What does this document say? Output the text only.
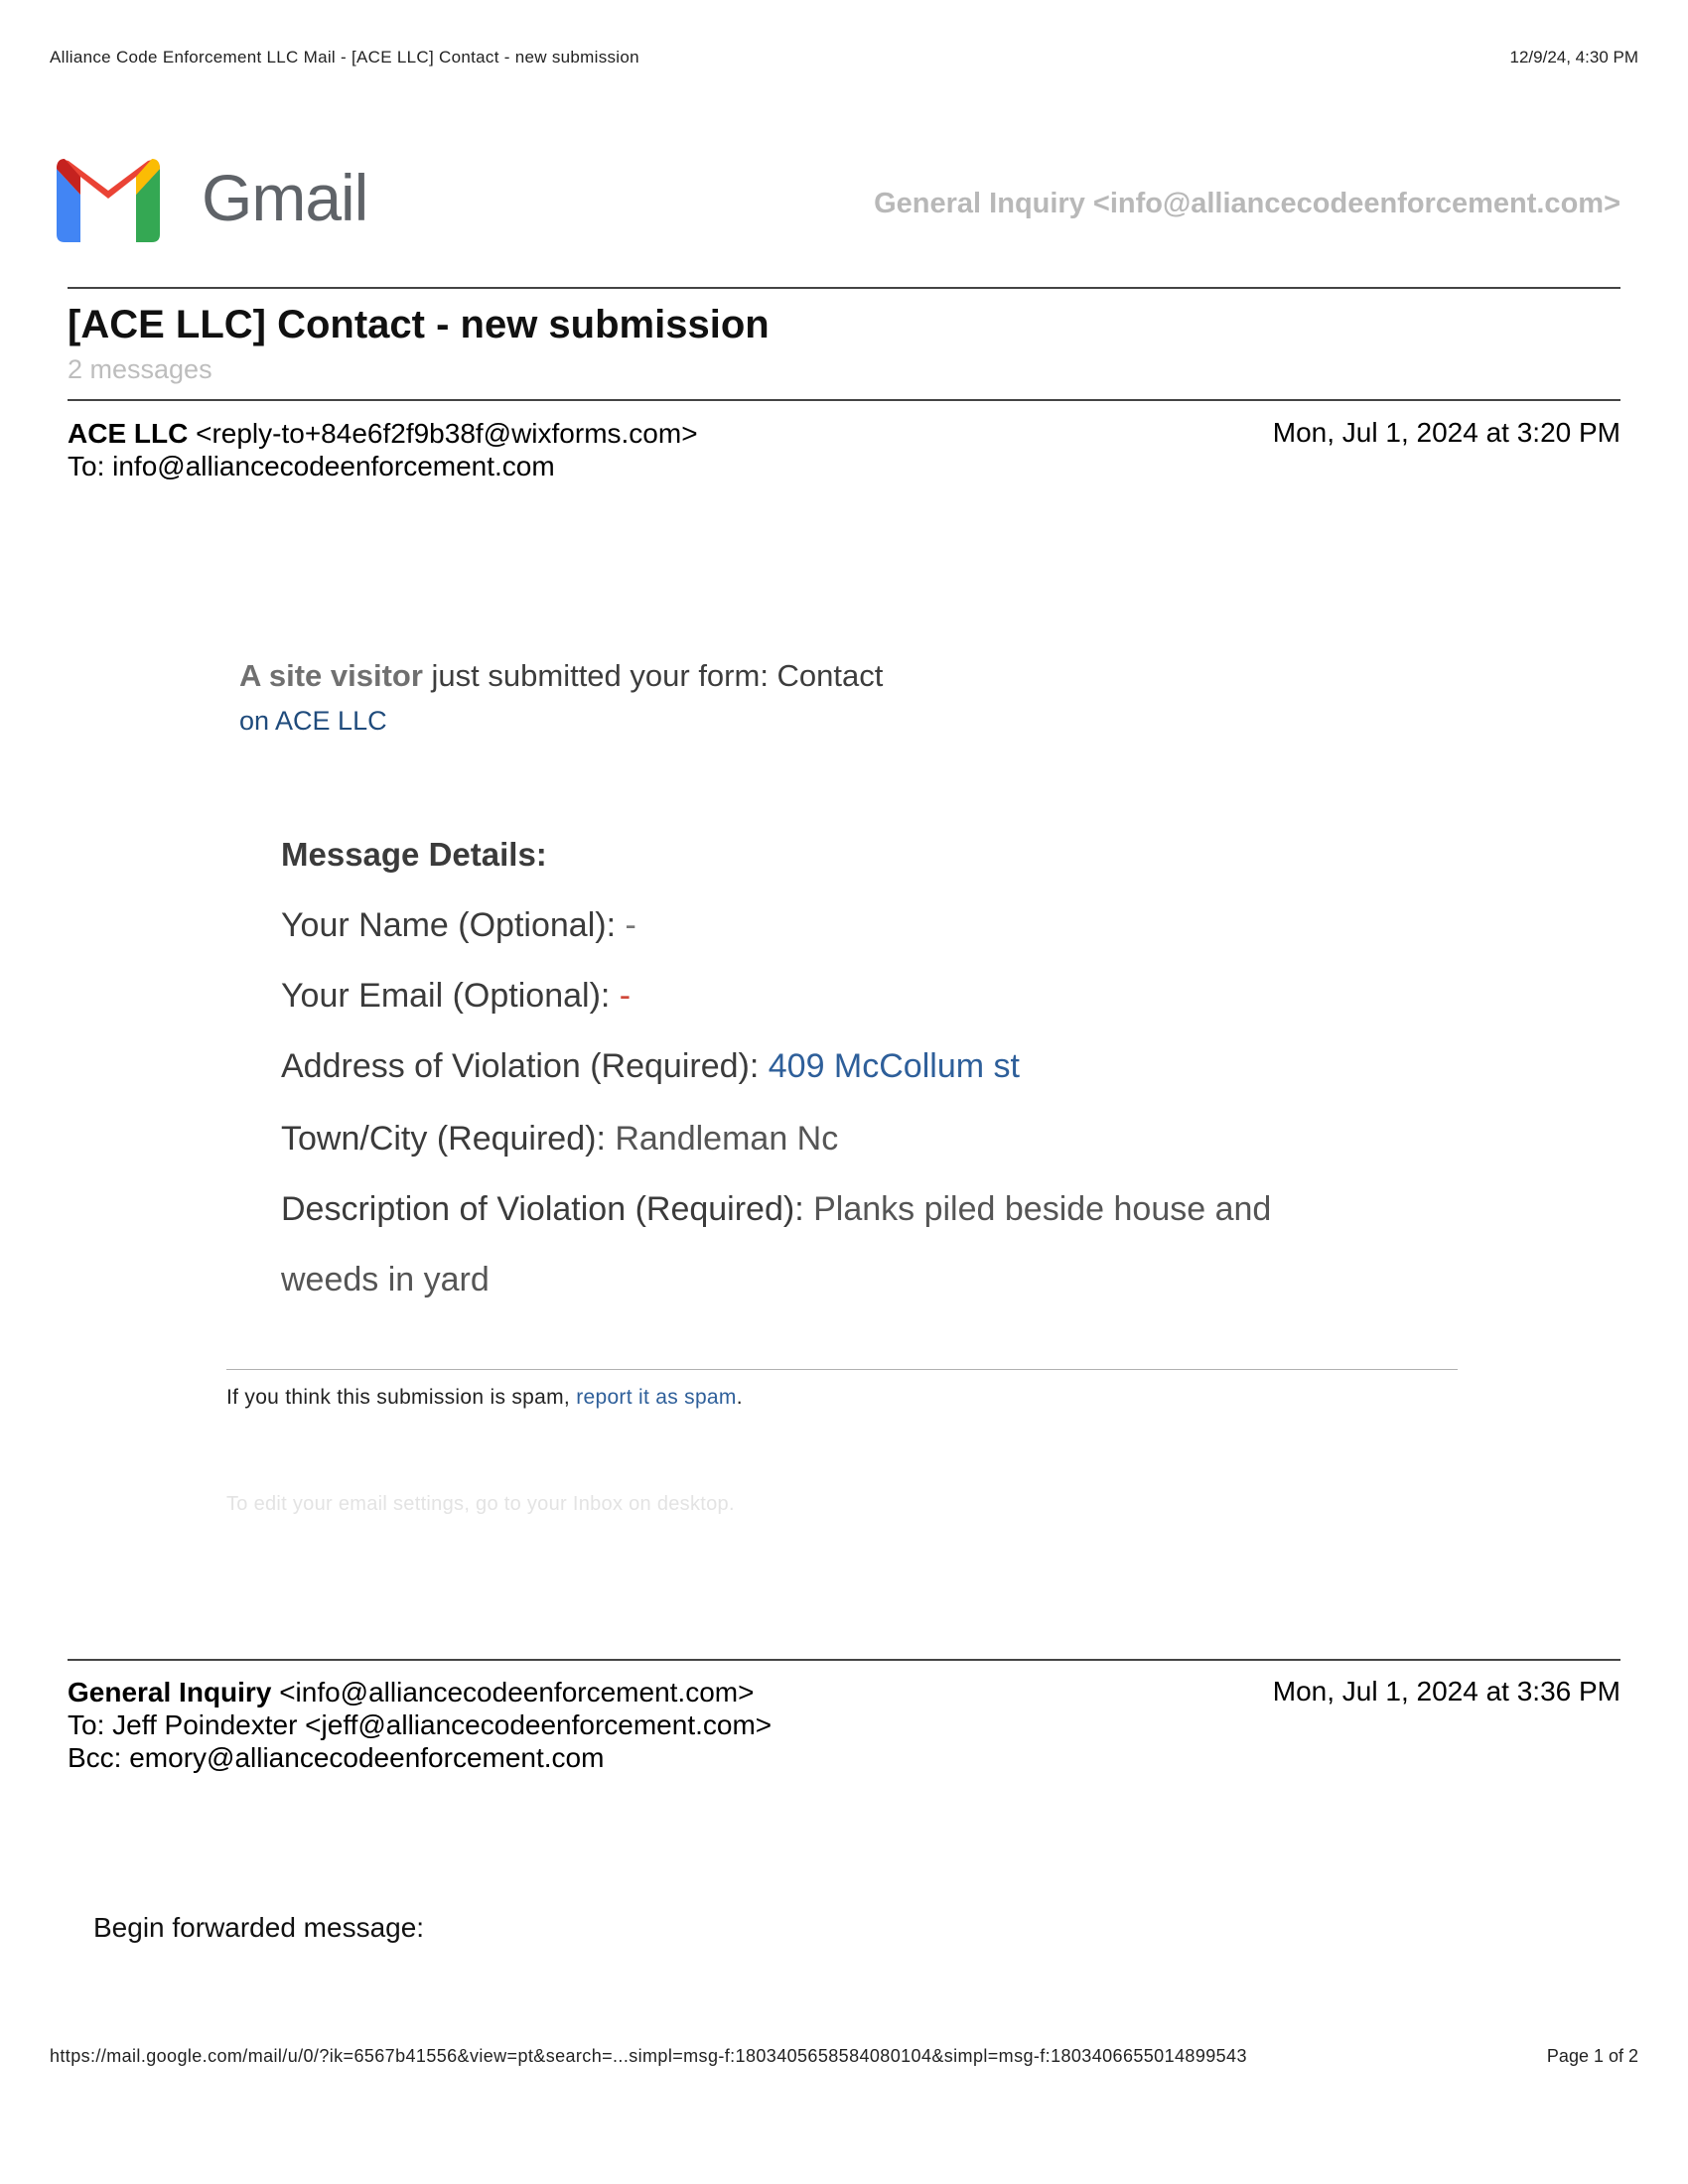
Alliance Code Enforcement LLC Mail - [ACE LLC] Contact - new submission	12/9/24, 4:30 PM
Gmail	General Inquiry <info@alliancecodeenforcement.com>
[ACE LLC] Contact - new submission
2 messages
ACE LLC <reply-to+84e6f2f9b38f@wixforms.com>
To: info@alliancecodeenforcement.com
Mon, Jul 1, 2024 at 3:20 PM
A site visitor just submitted your form: Contact
on ACE LLC
Message Details:
Your Name (Optional): -
Your Email (Optional): -
Address of Violation (Required): 409 McCollum st
Town/City (Required): Randleman Nc
Description of Violation (Required): Planks piled beside house and
weeds in yard
If you think this submission is spam, report it as spam.
To edit your email settings, go to your Inbox on desktop.
General Inquiry <info@alliancecodeenforcement.com>
To: Jeff Poindexter <jeff@alliancecodeenforcement.com>
Bcc: emory@alliancecodeenforcement.com
Mon, Jul 1, 2024 at 3:36 PM
Begin forwarded message:
https://mail.google.com/mail/u/0/?ik=6567b41556&view=pt&search=...simpl=msg-f:1803405658584080104&simpl=msg-f:1803406655014899543	Page 1 of 2
